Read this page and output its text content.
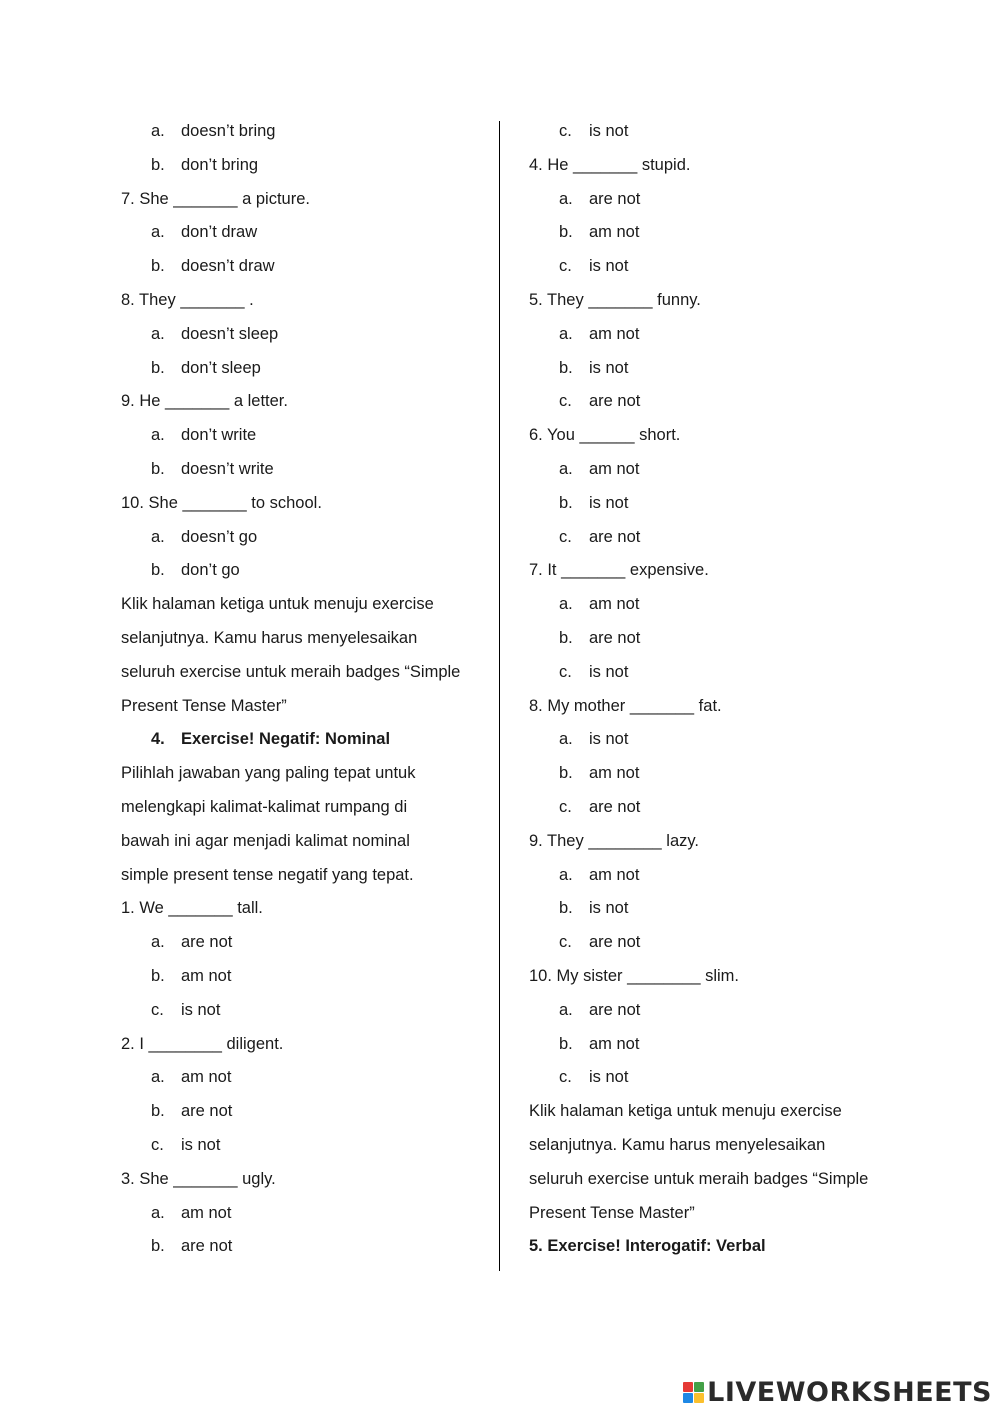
a. doesn’t bring
b. don’t bring
7. She _______ a picture.
a. don’t draw
b. doesn’t draw
8. They _______ .
a. doesn’t sleep
b. don’t sleep
9. He _______ a letter.
a. don’t write
b. doesn’t write
10. She _______ to school.
a. doesn’t go
b. don’t go
Klik halaman ketiga untuk menuju exercise
selanjutnya. Kamu harus menyelesaikan
seluruh exercise untuk meraih badges “Simple
Present Tense Master”
4. Exercise! Negatif: Nominal
Pilihlah jawaban yang paling tepat untuk
melengkapi kalimat-kalimat rumpang di
bawah ini agar menjadi kalimat nominal
simple present tense negatif yang tepat.
1. We _______ tall.
a. are not
b. am not
c. is not
2. I ________ diligent.
a. am not
b. are not
c. is not
3. She _______ ugly.
a. am not
b. are not
c. is not
4. He _______ stupid.
a. are not
b. am not
c. is not
5. They _______ funny.
a. am not
b. is not
c. are not
6. You ______ short.
a. am not
b. is not
c. are not
7. It _______ expensive.
a. am not
b. are not
c. is not
8. My mother _______ fat.
a. is not
b. am not
c. are not
9. They ________ lazy.
a. am not
b. is not
c. are not
10. My sister ________ slim.
a. are not
b. am not
c. is not
Klik halaman ketiga untuk menuju exercise
selanjutnya. Kamu harus menyelesaikan
seluruh exercise untuk meraih badges “Simple
Present Tense Master”
5. Exercise! Interogatif: Verbal
LIVEWORKSHEETS
